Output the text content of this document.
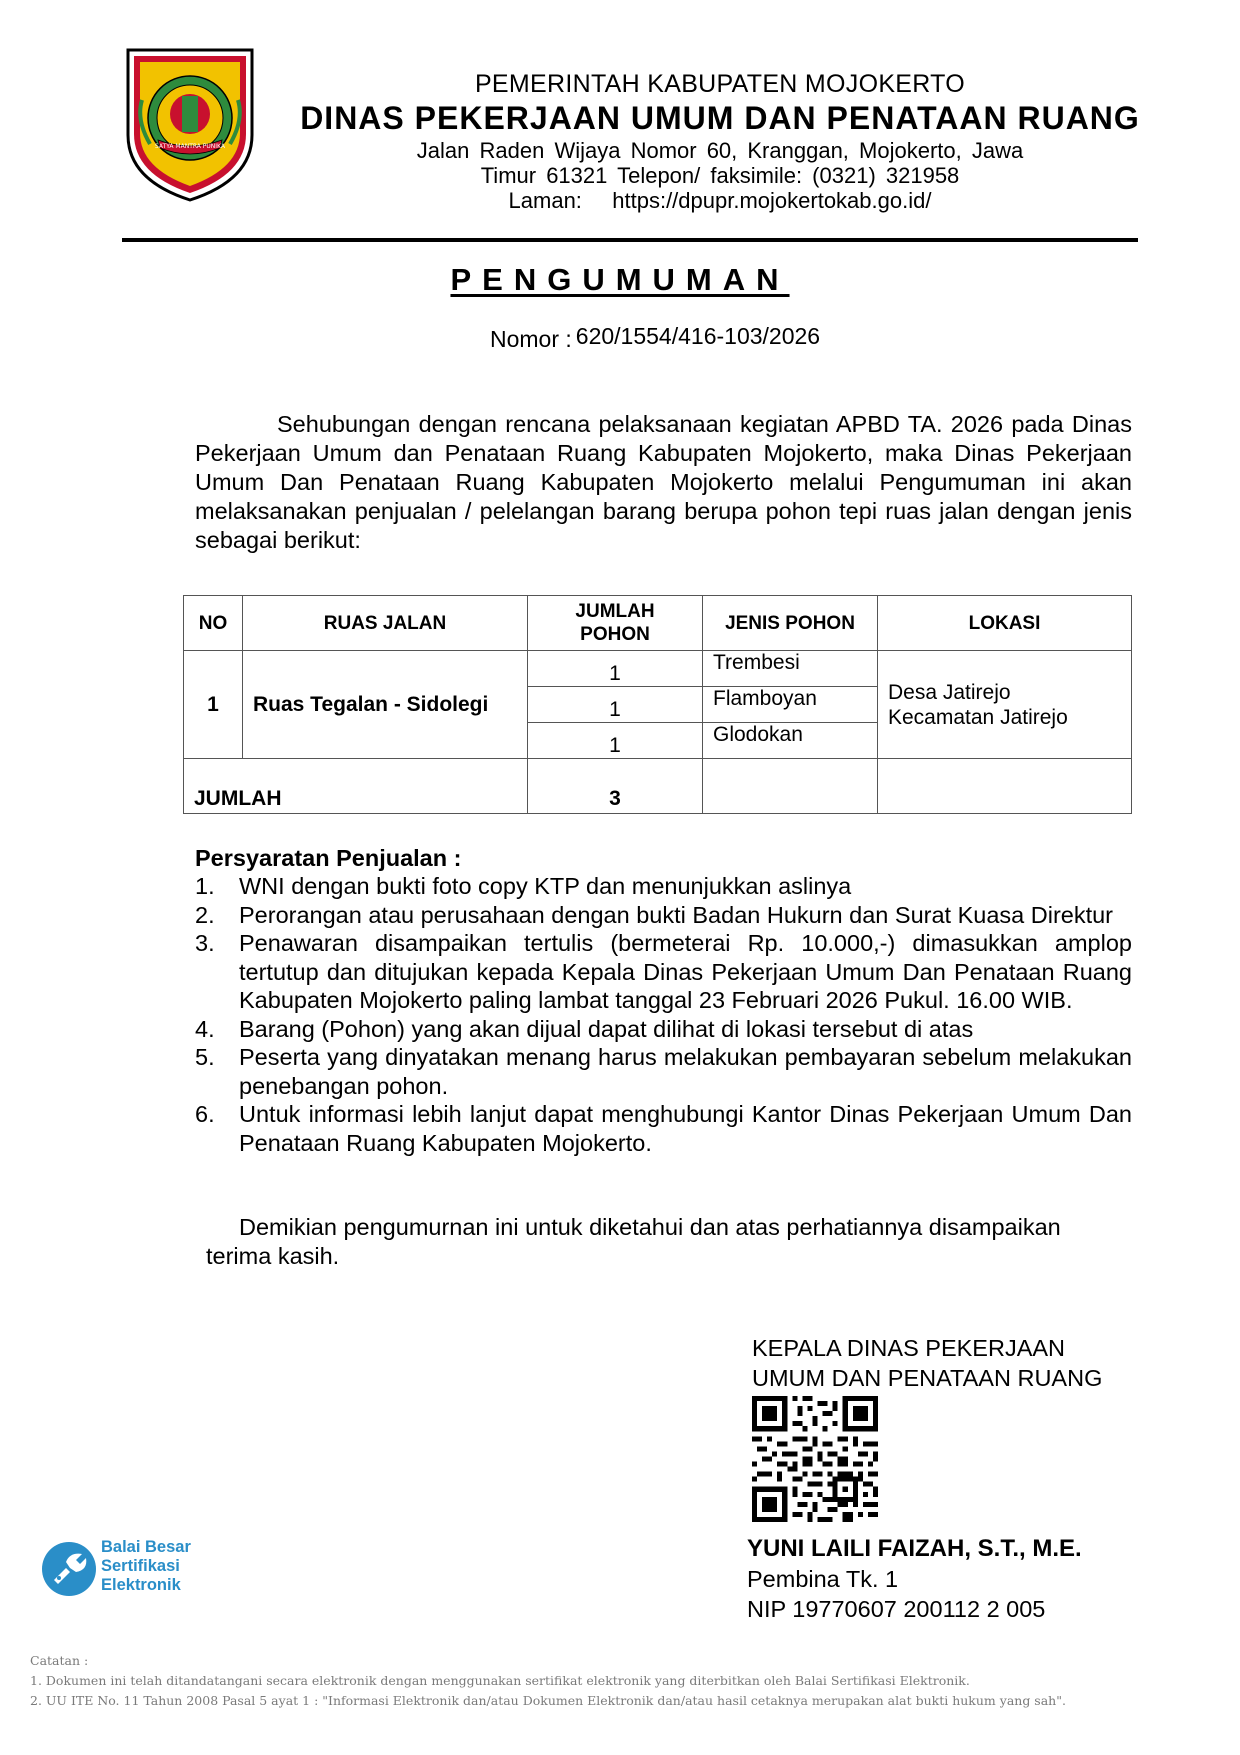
SATYA MANTRA PUNIKA
PEMERINTAH KABUPATEN MOJOKERTO
DINAS PEKERJAAN UMUM DAN PENATAAN RUANG
Jalan Raden Wijaya Nomor 60, Kranggan, Mojokerto, Jawa
Timur 61321 Telepon/ faksimile: (0321) 321958
Laman: https://dpupr.mojokertokab.go.id/
PENGUMUMAN
Nomor : 620/1554/416-103/2026
Sehubungan dengan rencana pelaksanaan kegiatan APBD TA. 2026 pada Dinas Pekerjaan Umum dan Penataan Ruang Kabupaten Mojokerto, maka Dinas Pekerjaan Umum Dan Penataan Ruang Kabupaten Mojokerto melalui Pengumuman ini akan melaksanakan penjualan / pelelangan barang berupa pohon tepi ruas jalan dengan jenis sebagai berikut:
NO	RUAS JALAN	JUMLAH POHON	JENIS POHON	LOKASI
1	Ruas Tegalan - Sidolegi	1	Trembesi	Desa Jatirejo
Kecamatan Jatirejo

		1	Flamboyan	
		1	Glodokan	
JUMLAH		3		
Persyaratan Penjualan :
1.	WNI dengan bukti foto copy KTP dan menunjukkan aslinya
2.	Perorangan atau perusahaan dengan bukti Badan Hukurn dan Surat Kuasa Direktur
3.	Penawaran disampaikan tertulis (bermeterai Rp. 10.000,-) dimasukkan amplop tertutup dan ditujukan kepada Kepala Dinas Pekerjaan Umum Dan Penataan Ruang Kabupaten Mojokerto paling lambat tanggal 23 Februari 2026 Pukul. 16.00 WIB.
4.	Barang (Pohon) yang akan dijual dapat dilihat di lokasi tersebut di atas
5.	Peserta yang dinyatakan menang harus melakukan pembayaran sebelum melakukan penebangan pohon.
6.	Untuk informasi lebih lanjut dapat menghubungi Kantor Dinas Pekerjaan Umum Dan Penataan Ruang Kabupaten Mojokerto.
Demikian pengumurnan ini untuk diketahui dan atas perhatiannya disampaikan
terima kasih.
KEPALA DINAS PEKERJAAN
UMUM DAN PENATAAN RUANG
YUNI LAILI FAIZAH, S.T., M.E.
Pembina Tk. 1
NIP 19770607 200112 2 005
Balai Besar
Sertifikasi
Elektronik
Catatan :
1. Dokumen ini telah ditandatangani secara elektronik dengan menggunakan sertifikat elektronik yang diterbitkan oleh Balai Sertifikasi Elektronik.
2. UU ITE No. 11 Tahun 2008 Pasal 5 ayat 1 : "Informasi Elektronik dan/atau Dokumen Elektronik dan/atau hasil cetaknya merupakan alat bukti hukum yang sah".
